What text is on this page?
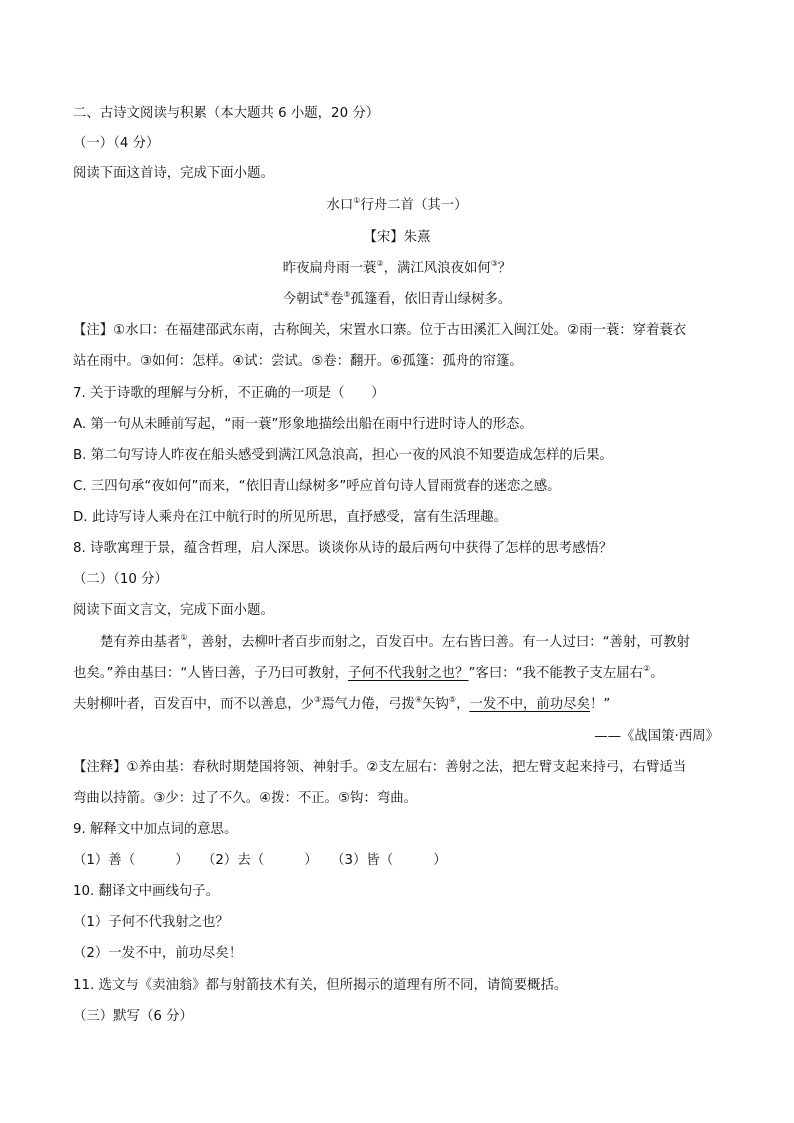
二、古诗文阅读与积累（本大题共 6 小题，20 分）
（一）（4 分）
阅读下面这首诗，完成下面小题。
水口①行舟二首（其一）
【宋】朱熹
昨夜扁舟雨一蓑②，满江风浪夜如何③？
今朝试④卷⑤孤篷看，依旧青山绿树多。
【注】①水口：在福建邵武东南，古称闽关，宋置水口寨。位于古田溪汇入闽江处。②雨一蓑：穿着蓑衣
站在雨中。③如何：怎样。④试：尝试。⑤卷：翻开。⑥孤篷：孤舟的帘篷。
7. 关于诗歌的理解与分析，不正确的一项是（　　）
A. 第一句从未睡前写起，“雨一蓑”形象地描绘出船在雨中行进时诗人的形态。
B. 第二句写诗人昨夜在船头感受到满江风急浪高，担心一夜的风浪不知要造成怎样的后果。
C. 三四句承“夜如何”而来，“依旧青山绿树多”呼应首句诗人冒雨赏春的迷恋之感。
D. 此诗写诗人乘舟在江中航行时的所见所思，直抒感受，富有生活理趣。
8. 诗歌寓理于景，蕴含哲理，启人深思。谈谈你从诗的最后两句中获得了怎样的思考感悟？
（二）（10 分）
阅读下面文言文，完成下面小题。
楚有养由基者①，善射，去柳叶者百步而射之，百发百中。左右皆曰善。有一人过曰：“善射，可教射
也矣。”养由基曰：“人皆曰善，子乃曰可教射，子何不代我射之也？”客曰：“我不能教子支左屈右②。
夫射柳叶者，百发百中，而不以善息，少③焉气力倦，弓拨④矢钩⑤，一发不中，前功尽矣！”
——《战国策·西周》
【注释】①养由基：春秋时期楚国将领、神射手。②支左屈右：善射之法，把左臂支起来持弓，右臂适当
弯曲以持箭。③少：过了不久。④拨：不正。⑤钩：弯曲。
9. 解释文中加点词的意思。
（1）善（　　　）　　（2）去（　　　）　　（3）皆（　　　）
10. 翻译文中画线句子。
（1）子何不代我射之也？
（2）一发不中，前功尽矣！
11. 选文与《卖油翁》都与射箭技术有关，但所揭示的道理有所不同，请简要概括。
（三）默写（6 分）
